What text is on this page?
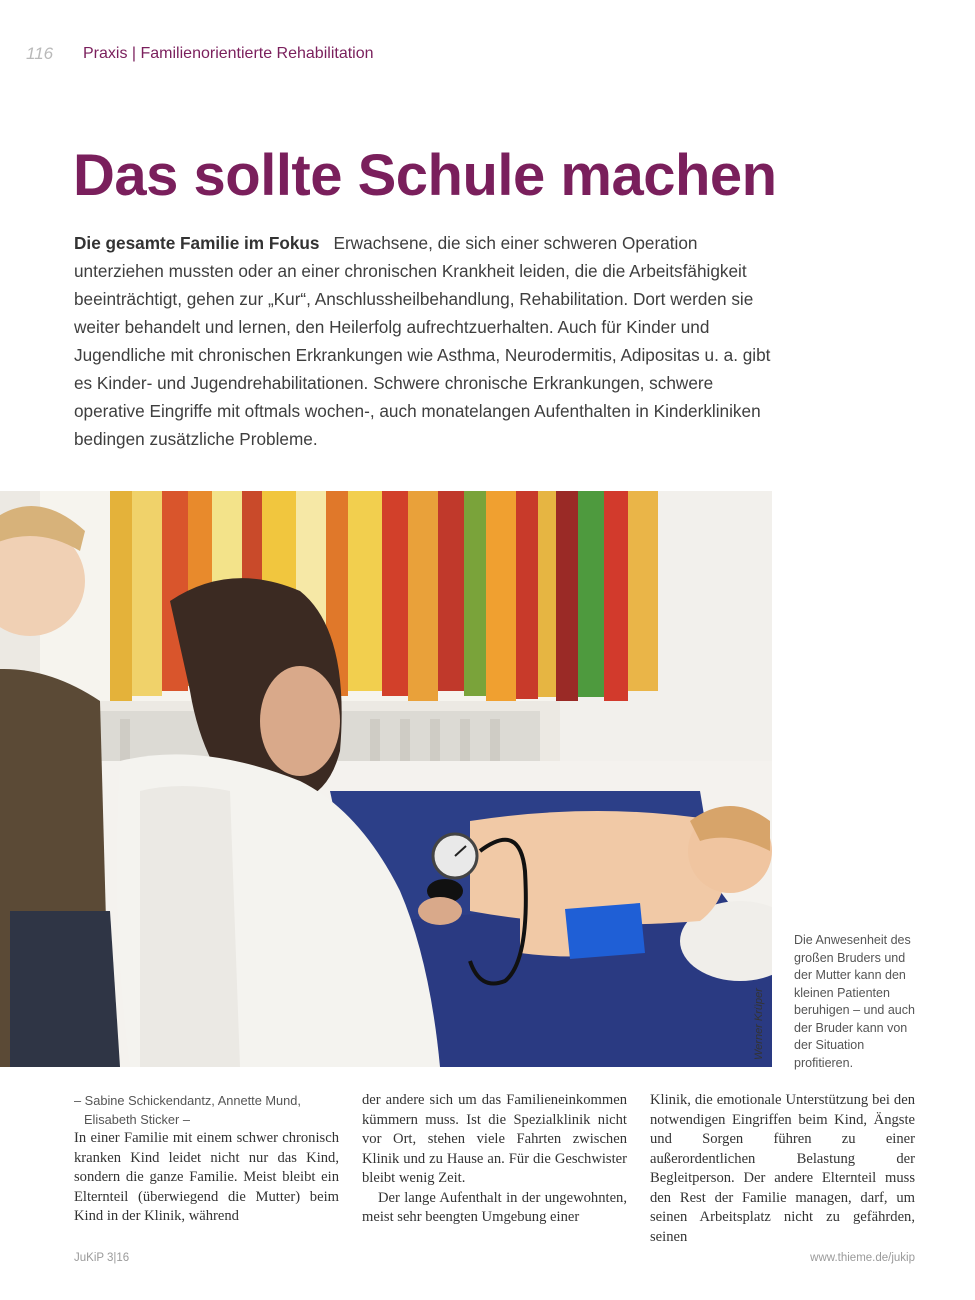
116 Praxis | Familienorientierte Rehabilitation
Das sollte Schule machen
Die gesamte Familie im Fokus Erwachsene, die sich einer schweren Operation unterziehen mussten oder an einer chronischen Krankheit leiden, die die Arbeitsfähigkeit beeinträchtigt, gehen zur „Kur“, Anschlussheilbehandlung, Rehabilitation. Dort werden sie weiter behandelt und lernen, den Heilerfolg aufrechtzuerhalten. Auch für Kinder und Jugendliche mit chronischen Erkrankungen wie Asthma, Neurodermitis, Adipositas u. a. gibt es Kinder- und Jugendrehabilitationen. Schwere chronische Erkrankungen, schwere operative Eingriffe mit oftmals wochen-, auch monatelangen Aufenthalten in Kinderkliniken bedingen zusätzliche Probleme.
Werner Krüper
Die Anwesenheit des großen Bruders und der Mutter kann den kleinen Patienten beruhigen – und auch der Bruder kann von der Situation profitieren.
– Sabine Schickendantz, Annette Mund,
Elisabeth Sticker –

In einer Familie mit einem schwer chronisch kranken Kind leidet nicht nur das Kind, sondern die ganze Familie. Meist bleibt ein Elternteil (überwiegend die Mutter) beim Kind in der Klinik, während

der andere sich um das Familieneinkommen kümmern muss. Ist die Spezialklinik nicht vor Ort, stehen viele Fahrten zwischen Klinik und zu Hause an. Für die Geschwister bleibt wenig Zeit.

Der lange Aufenthalt in der ungewohnten, meist sehr beengten Umgebung einer

Klinik, die emotionale Unterstützung bei den notwendigen Eingriffen beim Kind, Ängste und Sorgen führen zu einer außerordentlichen Belastung der Begleitperson. Der andere Elternteil muss den Rest der Familie managen, darf, um seinen Arbeitsplatz nicht zu gefährden, seinen

JuKiP 3|16	www.thieme.de/jukip
